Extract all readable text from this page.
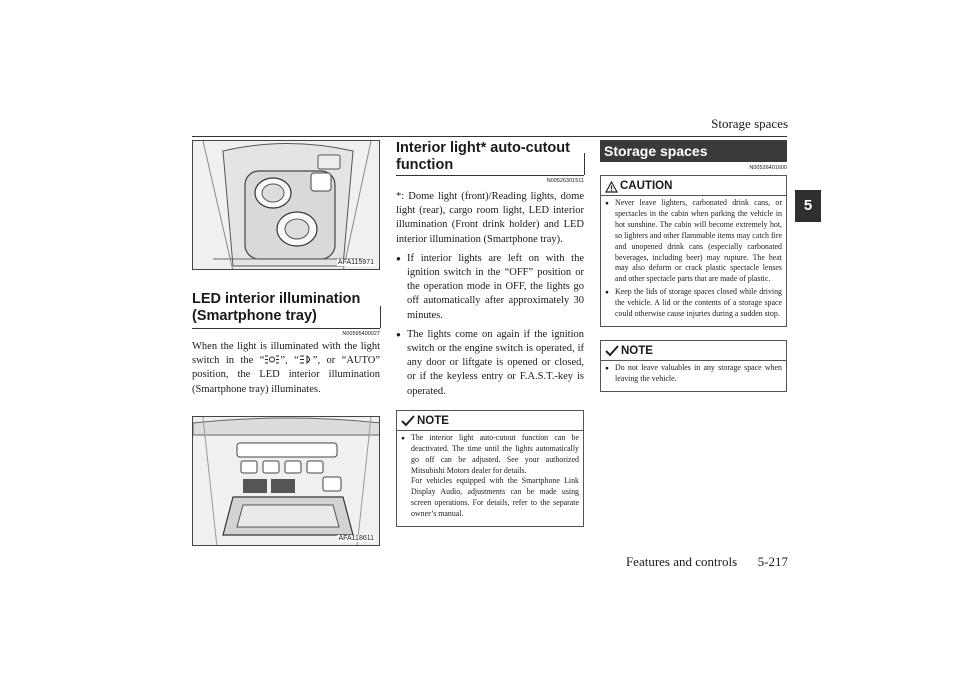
Storage spaces
5
AFA115971
LED interior illumination (Smartphone tray)
N00595400027

When the light is illuminated with the light switch in the “ ”, “ ”, or “AUTO” position, the LED interior illumination (Smartphone tray) illuminates.

AFA118611
Interior light* auto-cutout function
N00526301511

*: Dome light (front)/Reading lights, dome light (rear), cargo room light, LED interior illumination (Front drink holder) and LED interior illumination (Smartphone tray).

● If interior lights are left on with the ignition switch in the “OFF” position or the operation mode in OFF, the lights go off automatically after approximately 30 minutes.
● The lights come on again if the ignition switch or the engine switch is operated, if any door or liftgate is opened or closed, or if the keyless entry or F.A.S.T.-key is operated.
NOTE
● The interior light auto-cutout function can be deactivated. The time until the lights automatically go off can be adjusted. See your authorized Mitsubishi Motors dealer for details.
For vehicles equipped with the Smartphone Link Display Audio, adjustments can be made using screen operations. For details, refer to the separate owner’s manual.
Storage spaces
N00526401600
CAUTION
● Never leave lighters, carbonated drink cans, or spectacles in the cabin when parking the vehicle in hot sunshine. The cabin will become extremely hot, so lighters and other flammable items may catch fire and unopened drink cans (especially carbonated beverages, including beer) may rupture. The heat may also deform or crack plastic spectacle lenses and other spectacle parts that are made of plastic.
● Keep the lids of storage spaces closed while driving the vehicle. A lid or the contents of a storage space could otherwise cause injuries during a sudden stop.
NOTE
● Do not leave valuables in any storage space when leaving the vehicle.
Features and controls 5-217
